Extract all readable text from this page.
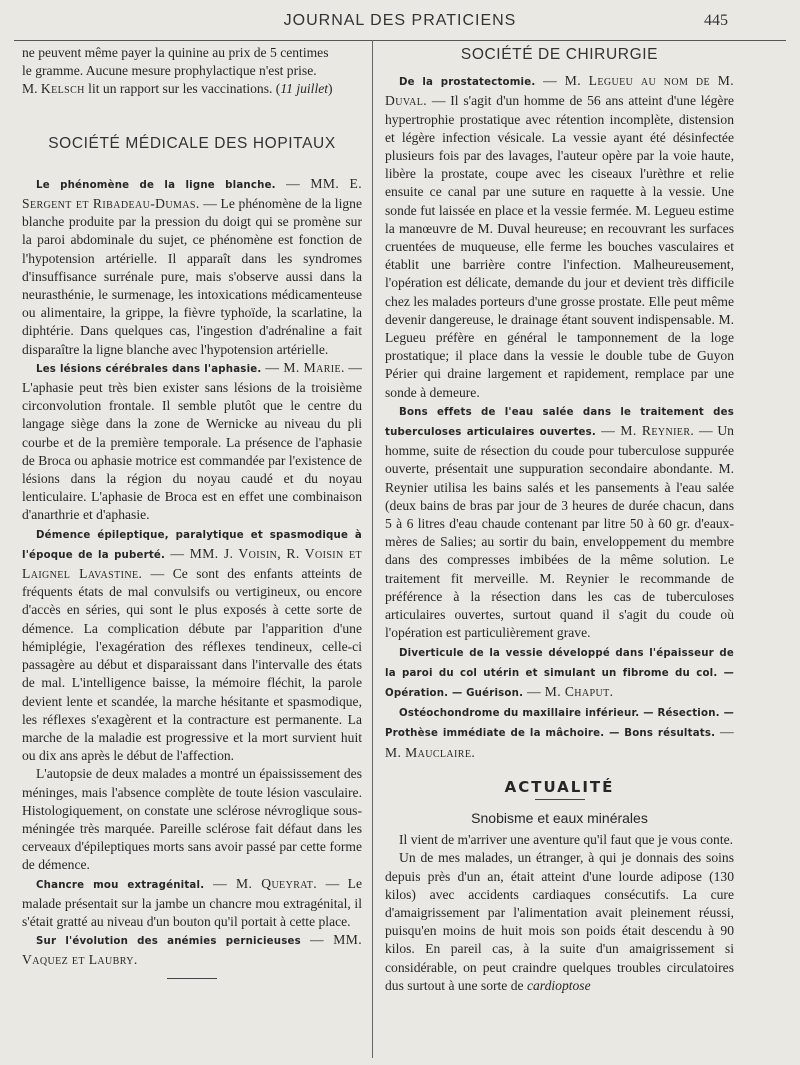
JOURNAL DES PRATICIENS	445

ne peuvent même payer la quinine au prix de 5 centimes
le gramme. Aucune mesure prophylactique n'est prise.
M. Kelsch lit un rapport sur les vaccinations. (11 juillet)

SOCIÉTÉ MÉDICALE DES HOPITAUX

Le phénomène de la ligne blanche. — MM. E. Sergent et Ribadeau-Dumas. — Le phénomène de la ligne blanche produite par la pression du doigt qui se promène sur la paroi abdominale du sujet, ce phénomène est fonction de l'hypotension artérielle. Il apparaît dans les syndromes d'insuffisance surrénale pure, mais s'observe aussi dans la neurasthénie, le surmenage, les intoxications médicamenteuse ou alimentaire, la grippe, la fièvre typhoïde, la scarlatine, la diphtérie. Dans quelques cas, l'ingestion d'adrénaline a fait disparaître la ligne blanche avec l'hypotension artérielle.

Les lésions cérébrales dans l'aphasie. — M. Marie. — L'aphasie peut très bien exister sans lésions de la troisième circonvolution frontale. Il semble plutôt que le centre du langage siège dans la zone de Wernicke au niveau du pli courbe et de la première temporale. La présence de l'aphasie de Broca ou aphasie motrice est commandée par l'existence de lésions dans la région du noyau caudé et du noyau lenticulaire. L'aphasie de Broca est en effet une combinaison d'anarthrie et d'aphasie.

Démence épileptique, paralytique et spasmodique à l'époque de la puberté. — MM. J. Voisin, R. Voisin et Laignel Lavastine. — Ce sont des enfants atteints de fréquents états de mal convulsifs ou vertigineux, ou encore d'accès en séries, qui sont le plus exposés à cette sorte de démence. La complication débute par l'apparition d'une hémiplégie, l'exagération des réflexes tendineux, celle-ci passagère au début et disparaissant dans l'intervalle des états de mal. L'intelligence baisse, la mémoire fléchit, la parole devient lente et scandée, la marche hésitante et spasmodique, les réflexes s'exagèrent et la contracture est permanente. La marche de la maladie est progressive et la mort survient huit ou dix ans après le début de l'affection.

L'autopsie de deux malades a montré un épaississement des méninges, mais l'absence complète de toute lésion vasculaire. Histologiquement, on constate une sclérose névroglique sous-méningée très marquée. Pareille sclérose fait défaut dans les cerveaux d'épileptiques morts sans avoir passé par cette forme de démence.

Chancre mou extragénital. — M. Queyrat. — Le malade présentait sur la jambe un chancre mou extragénital, il s'était gratté au niveau d'un bouton qu'il portait à cette place.

Sur l'évolution des anémies pernicieuses — MM. Vaquez et Laubry.

SOCIÉTÉ DE CHIRURGIE

De la prostatectomie. — M. Legueu au nom de M. Duval. — Il s'agit d'un homme de 56 ans atteint d'une légère hypertrophie prostatique avec rétention incomplète, distension et légère infection vésicale. La vessie ayant été désinfectée plusieurs fois par des lavages, l'auteur opère par la voie haute, libère la prostate, coupe avec les ciseaux l'urèthre et relie ensuite ce canal par une suture en raquette à la vessie. Une sonde fut laissée en place et la vessie fermée. M. Legueu estime la manœuvre de M. Duval heureuse; en recouvrant les surfaces cruentées de muqueuse, elle ferme les bouches vasculaires et établit une barrière contre l'infection. Malheureusement, l'opération est délicate, demande du jour et devient très difficile chez les malades porteurs d'une grosse prostate. Elle peut même devenir dangereuse, le drainage étant souvent indispensable. M. Legueu préfère en général le tamponnement de la loge prostatique; il place dans la vessie le double tube de Guyon Périer qui draine largement et rapidement, remplace par une sonde à demeure.

Bons effets de l'eau salée dans le traitement des tuberculoses articulaires ouvertes. — M. Reynier. — Un homme, suite de résection du coude pour tuberculose suppurée ouverte, présentait une suppuration secondaire abondante. M. Reynier utilisa les bains salés et les pansements à l'eau salée (deux bains de bras par jour de 3 heures de durée chacun, dans 5 à 6 litres d'eau chaude contenant par litre 50 à 60 gr. d'eaux-mères de Salies; au sortir du bain, enveloppement du membre dans des compresses imbibées de la même solution. Le traitement fit merveille. M. Reynier le recommande de préférence à la résection dans les cas de tuberculoses articulaires ouvertes, surtout quand il s'agit du coude où l'opération est particulièrement grave.

Diverticule de la vessie développé dans l'épaisseur de la paroi du col utérin et simulant un fibrome du col. — Opération. — Guérison. — M. Chaput.

Ostéochondrome du maxillaire inférieur. — Résection. — Prothèse immédiate de la mâchoire. — Bons résultats. — M. Mauclaire.

ACTUALITÉ
Snobisme et eaux minérales

Il vient de m'arriver une aventure qu'il faut que je vous conte.

Un de mes malades, un étranger, à qui je donnais des soins depuis près d'un an, était atteint d'une lourde adipose (130 kilos) avec accidents cardiaques consécutifs. La cure d'amaigrissement par l'alimentation avait pleinement réussi, puisqu'en moins de huit mois son poids était descendu à 90 kilos. En pareil cas, à la suite d'un amaigrissement si considérable, on peut craindre quelques troubles circulatoires dus surtout à une sorte de cardioptose
